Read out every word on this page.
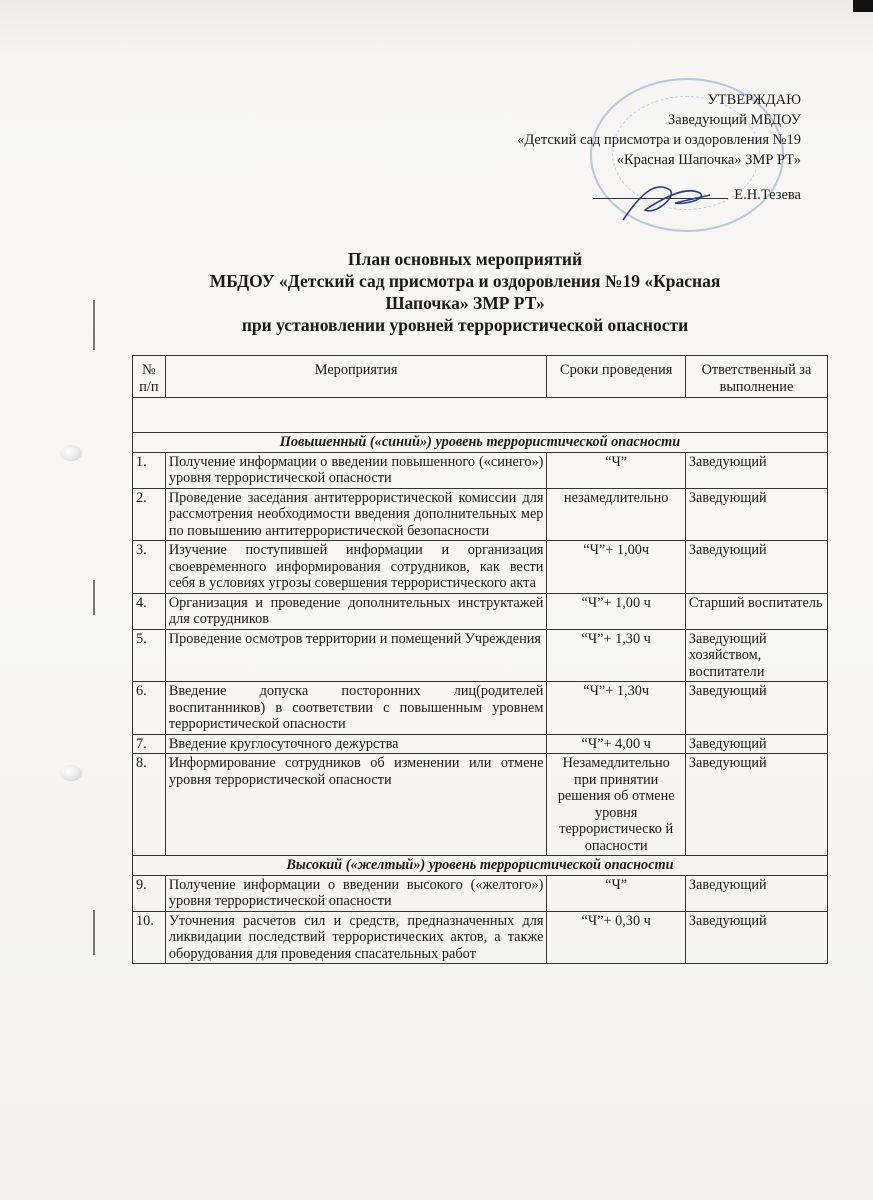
УТВЕРЖДАЮ
Заведующий МБДОУ
«Детский сад присмотра и оздоровления №19
«Красная Шапочка» ЗМР РТ»
Е.Н.Тезева
План основных мероприятий
МБДОУ «Детский сад присмотра и оздоровления №19 «Красная
Шапочка» ЗМР РТ»
при установлении уровней террористической опасности
№ п/п	Мероприятия	Сроки проведения	Ответственный за выполнение

Повышенный («синий») уровень террористической опасности			
1.	Получение информации о введении повышенного («синего») уровня террористической опасности	“Ч”	Заведующий
2.	Проведение заседания антитеррористической комиссии для рассмотрения необходимости введения дополнительных мер по повышению антитеррористической безопасности	незамедлительно	Заведующий
3.	Изучение поступившей информации и организация своевременного информирования сотрудников, как вести себя в условиях угрозы совершения террористического акта	“Ч”+ 1,00ч	Заведующий
4.	Организация и проведение дополнительных инструктажей для сотрудников	“Ч”+ 1,00 ч	Старший воспитатель
5.	Проведение осмотров территории и помещений Учреждения	“Ч”+ 1,30 ч	Заведующий хозяйством, воспитатели
6.	Введение допуска посторонних лиц(родителей воспитанников) в соответствии с повышенным уровнем террористической опасности	“Ч”+ 1,30ч	Заведующий
7.	Введение круглосуточного дежурства	“Ч”+ 4,00 ч	Заведующий
8.	Информирование сотрудников об изменении или отмене уровня террористической опасности	Незамедлительно при принятии решения об отмене уровня террористическо й опасности	Заведующий
Высокий («желтый») уровень террористической опасности			
9.	Получение информации о введении высокого («желтого») уровня террористической опасности	“Ч”	Заведующий
10.	Уточнения расчетов сил и средств, предназначенных для ликвидации последствий террористических актов, а также оборудования для проведения спасательных работ	“Ч”+ 0,30 ч	Заведующий
